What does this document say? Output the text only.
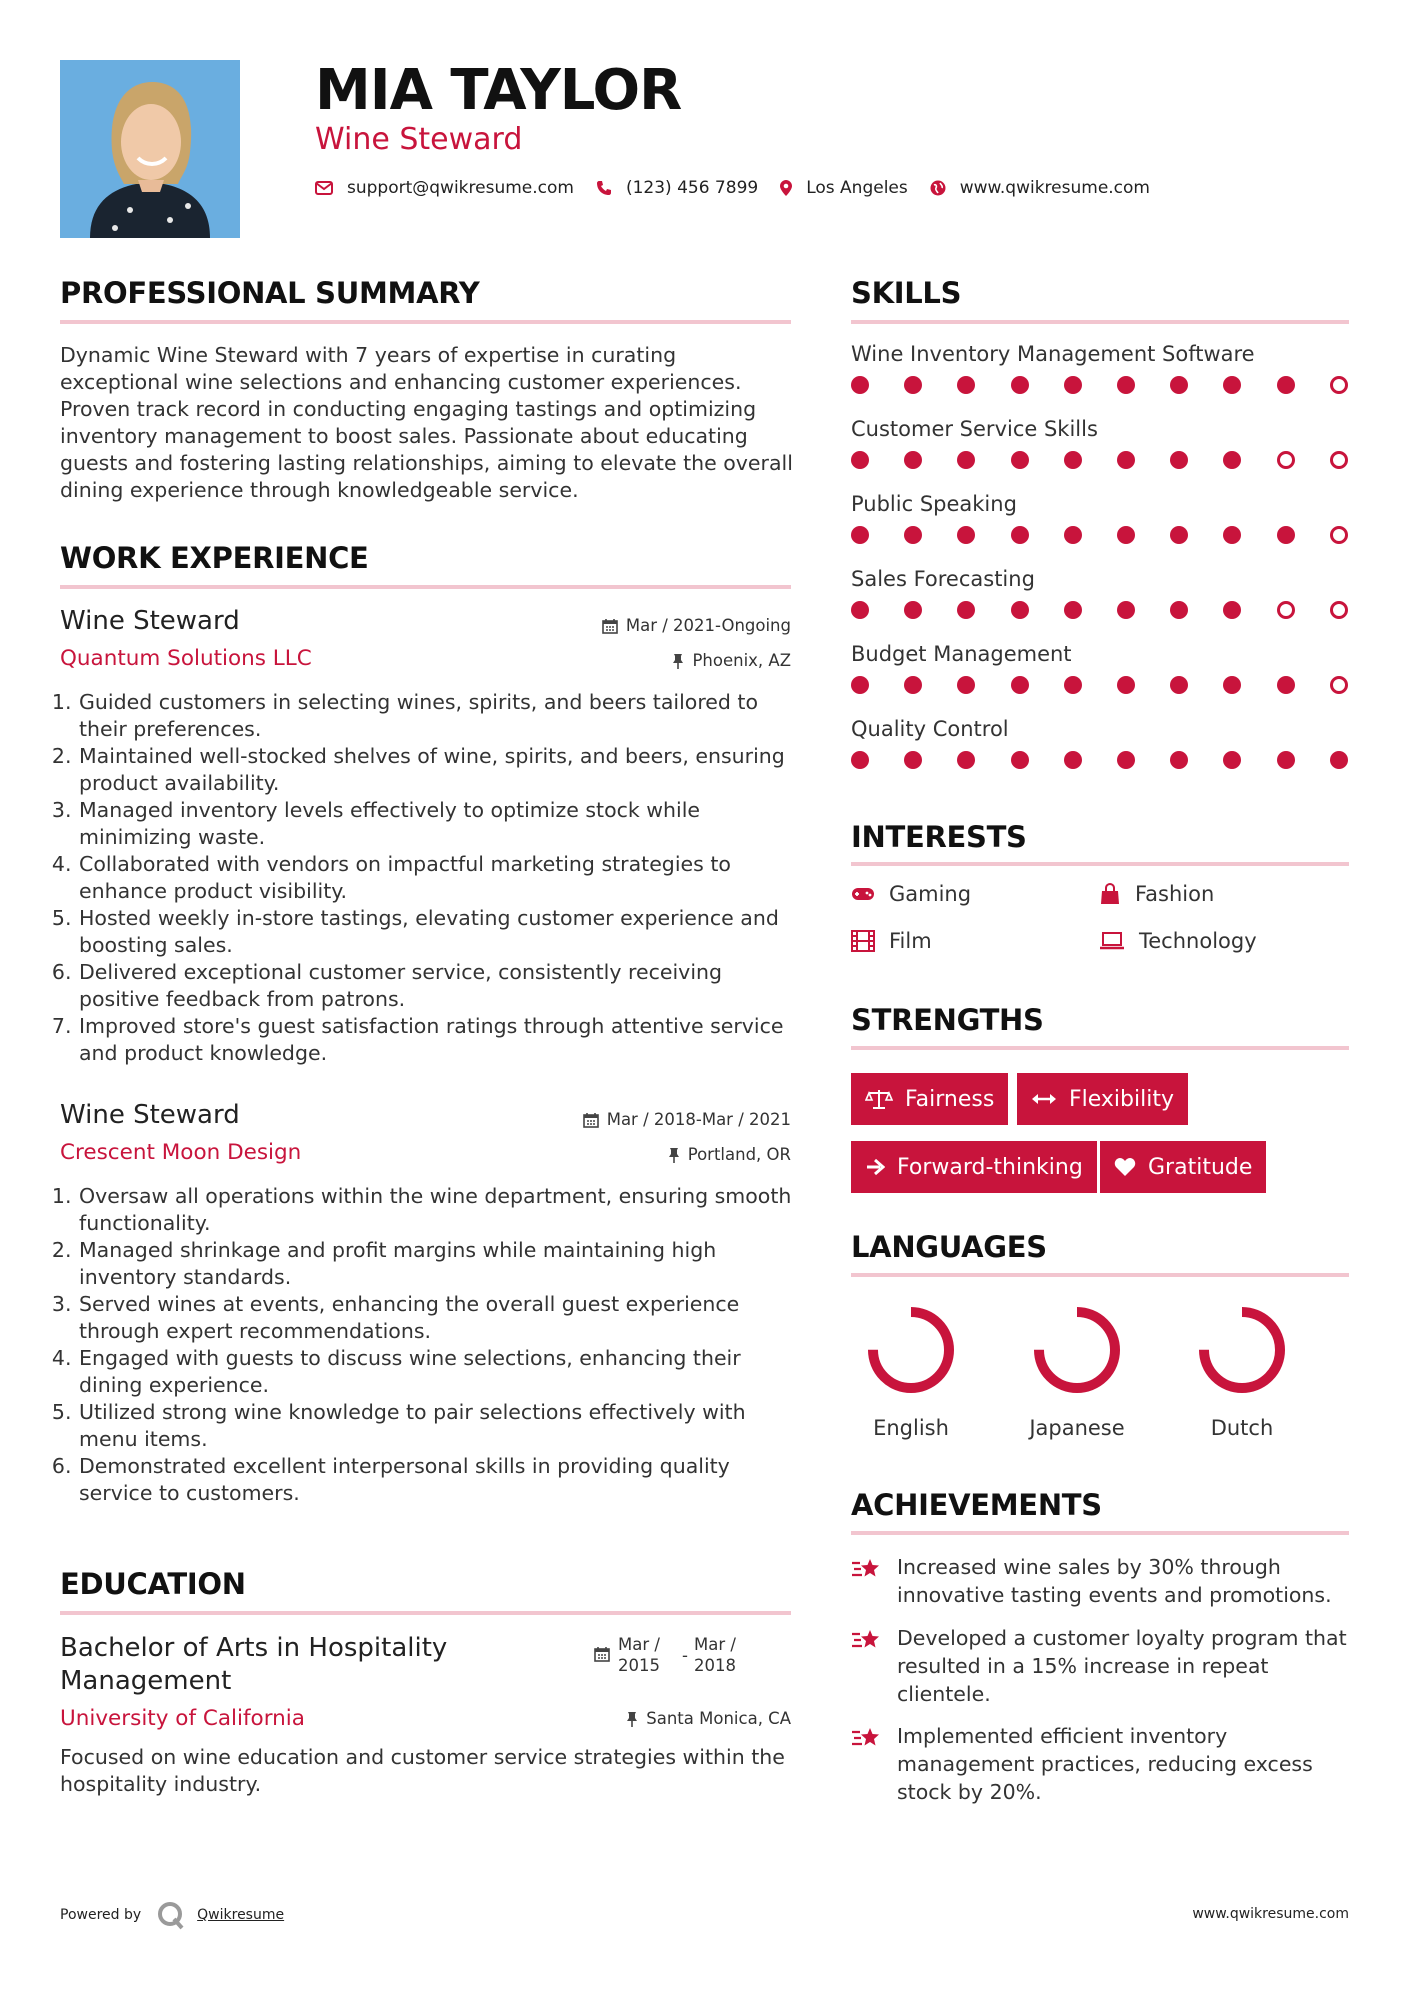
MIA TAYLOR
Wine Steward
support@qwikresume.com	(123) 456 7899	Los Angeles	www.qwikresume.com
PROFESSIONAL SUMMARY
Dynamic Wine Steward with 7 years of expertise in curating exceptional wine selections and enhancing customer experiences. Proven track record in conducting engaging tastings and optimizing inventory management to boost sales. Passionate about educating guests and fostering lasting relationships, aiming to elevate the overall dining experience through knowledgeable service.
WORK EXPERIENCE
Wine Steward	Mar / 2021-Ongoing
Quantum Solutions LLC	Phoenix, AZ
1. Guided customers in selecting wines, spirits, and beers tailored to their preferences.
2. Maintained well-stocked shelves of wine, spirits, and beers, ensuring product availability.
3. Managed inventory levels effectively to optimize stock while minimizing waste.
4. Collaborated with vendors on impactful marketing strategies to enhance product visibility.
5. Hosted weekly in-store tastings, elevating customer experience and boosting sales.
6. Delivered exceptional customer service, consistently receiving positive feedback from patrons.
7. Improved store's guest satisfaction ratings through attentive service and product knowledge.
Wine Steward	Mar / 2018-Mar / 2021
Crescent Moon Design	Portland, OR
1. Oversaw all operations within the wine department, ensuring smooth functionality.
2. Managed shrinkage and profit margins while maintaining high inventory standards.
3. Served wines at events, enhancing the overall guest experience through expert recommendations.
4. Engaged with guests to discuss wine selections, enhancing their dining experience.
5. Utilized strong wine knowledge to pair selections effectively with menu items.
6. Demonstrated excellent interpersonal skills in providing quality service to customers.
EDUCATION
Bachelor of Arts in Hospitality Management
Mar / 2015
-
Mar / 2018
University of California	Santa Monica, CA
Focused on wine education and customer service strategies within the hospitality industry.
SKILLS
Wine Inventory Management Software
Customer Service Skills
Public Speaking
Sales Forecasting
Budget Management
Quality Control
INTERESTS
Gaming	Fashion
Film	Technology
STRENGTHS
Fairness	Flexibility
Forward-thinking	Gratitude
LANGUAGES
English	Japanese	Dutch
ACHIEVEMENTS
Increased wine sales by 30% through innovative tasting events and promotions.
Developed a customer loyalty program that resulted in a 15% increase in repeat clientele.
Implemented efficient inventory management practices, reducing excess stock by 20%.
Powered by	Qwikresume	www.qwikresume.com
